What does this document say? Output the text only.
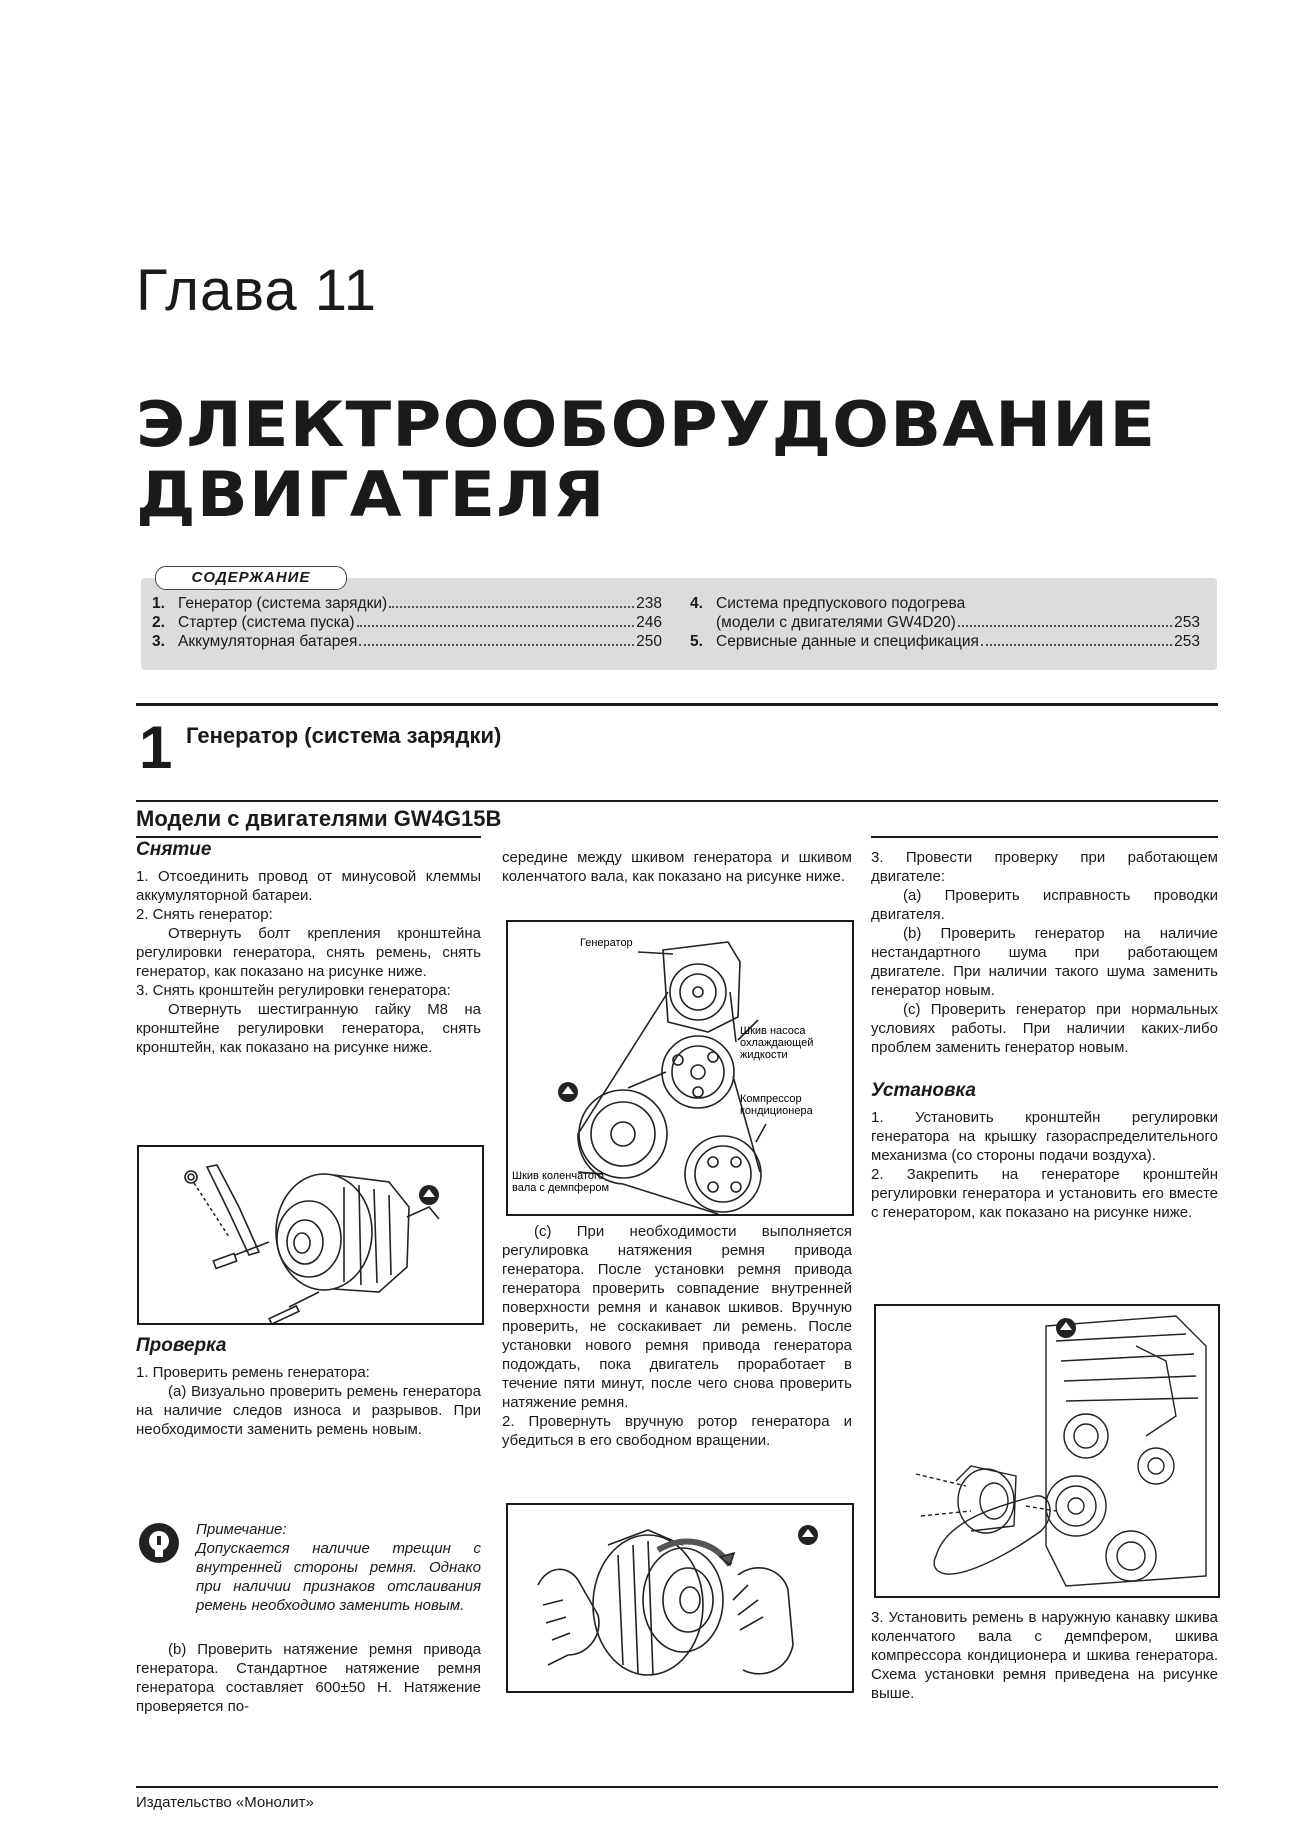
Глава 11
ЭЛЕКТРООБОРУДОВАНИЕ
ДВИГАТЕЛЯ
СОДЕРЖАНИЕ
1. Генератор (система зарядки)	238
2. Стартер (система пуска)	246
3. Аккумуляторная батарея	250
4. Система предпускового подогрева
(модели с двигателями GW4D20)	253
5. Сервисные данные и спецификация	253
1 Генератор (система зарядки)
Модели с двигателями GW4G15B
Снятие

1. Отсоединить провод от минусовой клеммы аккумуляторной батареи.

2. Снять генератор:

Отвернуть болт крепления кронштейна регулировки генератора, снять ремень, снять генератор, как показано на рисунке ниже.

3. Снять кронштейн регулировки генератора:

Отвернуть шестигранную гайку М8 на кронштейне регулировки генератора, снять кронштейн, как показано на рисунке ниже.

Проверка

1. Проверить ремень генератора:

(a) Визуально проверить ремень генератора на наличие следов износа и разрывов. При необходимости заменить ремень новым.

Примечание:
Допускается наличие трещин с внутренней стороны ремня. Однако при наличии признаков отслаивания ремень необходимо заменить новым.

(b) Проверить натяжение ремня привода генератора. Стандартное натяжение ремня генератора составляет 600±50 Н. Натяжение проверяется по-

середине между шкивом генератора и шкивом коленчатого вала, как показано на рисунке ниже.

Генератор
Шкив насоса охлаждающей жидкости
Компрессор кондиционера
Шкив коленчатого вала с демпфером

(c) При необходимости выполняется регулировка натяжения ремня привода генератора. После установки ремня привода генератора проверить совпадение внутренней поверхности ремня и канавок шкивов. Вручную проверить, не соскакивает ли ремень. После установки нового ремня привода генератора подождать, пока двигатель проработает в течение пяти минут, после чего снова проверить натяжение ремня.

2. Провернуть вручную ротор генератора и убедиться в его свободном вращении.

3. Провести проверку при работающем двигателе:

(a) Проверить исправность проводки двигателя.

(b) Проверить генератор на наличие нестандартного шума при работающем двигателе. При наличии такого шума заменить генератор новым.

(c) Проверить генератор при нормальных условиях работы. При наличии каких-либо проблем заменить генератор новым.

Установка

1. Установить кронштейн регулировки генератора на крышку газораспределительного механизма (со стороны подачи воздуха).

2. Закрепить на генераторе кронштейн регулировки генератора и установить его вместе с генератором, как показано на рисунке ниже.

3. Установить ремень в наружную канавку шкива коленчатого вала с демпфером, шкива компрессора кондиционера и шкива генератора. Схема установки ремня приведена на рисунке выше.

Издательство «Монолит»
